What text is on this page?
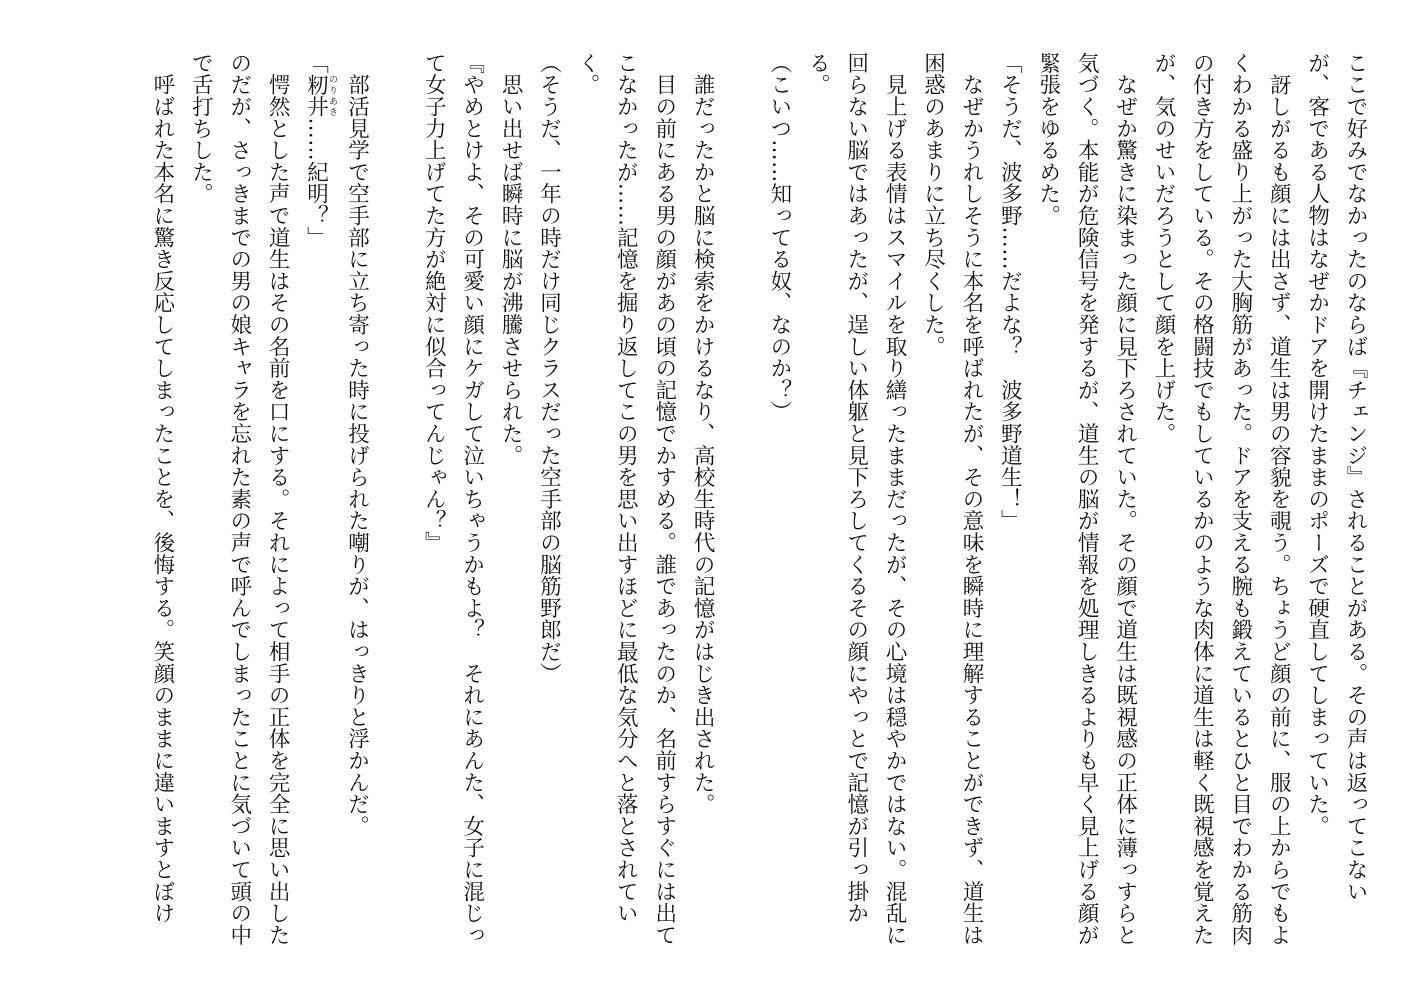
ここで好みでなかったのならば『チェンジ』されることがある。その声は返ってこない
が、客である人物はなぜかドアを開けたままのポーズで硬直してしまっていた。
　訝しがるも顔には出さず、道生は男の容貌を覗う。ちょうど顔の前に、服の上からでもよ
くわかる盛り上がった大胸筋があった。ドアを支える腕も鍛えているとひと目でわかる筋肉
の付き方をしている。その格闘技でもしているかのような肉体に道生は軽く既視感を覚えた
が、気のせいだろうとして顔を上げた。
　なぜか驚きに染まった顔に見下ろされていた。その顔で道生は既視感の正体に薄っすらと
気づく。本能が危険信号を発するが、道生の脳が情報を処理しきるよりも早く見上げる顔が
緊張をゆるめた。
「そうだ、波多野……だよな？　波多野道生！」
　なぜかうれしそうに本名を呼ばれたが、その意味を瞬時に理解することができず、道生は
困惑のあまりに立ち尽くした。
　見上げる表情はスマイルを取り繕ったままだったが、その心境は穏やかではない。混乱に
回らない脳ではあったが、逞しい体躯と見下ろしてくるその顔にやっとで記憶が引っ掛か
る。
（こいつ……知ってる奴、なのか？）

　誰だったかと脳に検索をかけるなり、高校生時代の記憶がはじき出された。
　目の前にある男の顔があの頃の記憶でかすめる。誰であったのか、名前すらすぐには出て
こなかったが……記憶を掘り返してこの男を思い出すほどに最低な気分へと落とされてい
く。
（そうだ、一年の時だけ同じクラスだった空手部の脳筋野郎だ）
　思い出せば瞬時に脳が沸騰させられた。
『やめとけよ、その可愛い顔にケガして泣いちゃうかもよ？　それにあんた、女子に混じっ
て女子力上げてた方が絶対に似合ってんじゃん？』

　部活見学で空手部に立ち寄った時に投げられた嘲りが、はっきりと浮かんだ。
「籾井のりあき……紀明？」
　愕然とした声で道生はその名前を口にする。それによって相手の正体を完全に思い出した
のだが、さっきまでの男の娘キャラを忘れた素の声で呼んでしまったことに気づいて頭の中
で舌打ちした。
　呼ばれた本名に驚き反応してしまったことを、後悔する。笑顔のままに違いますとぼけ
